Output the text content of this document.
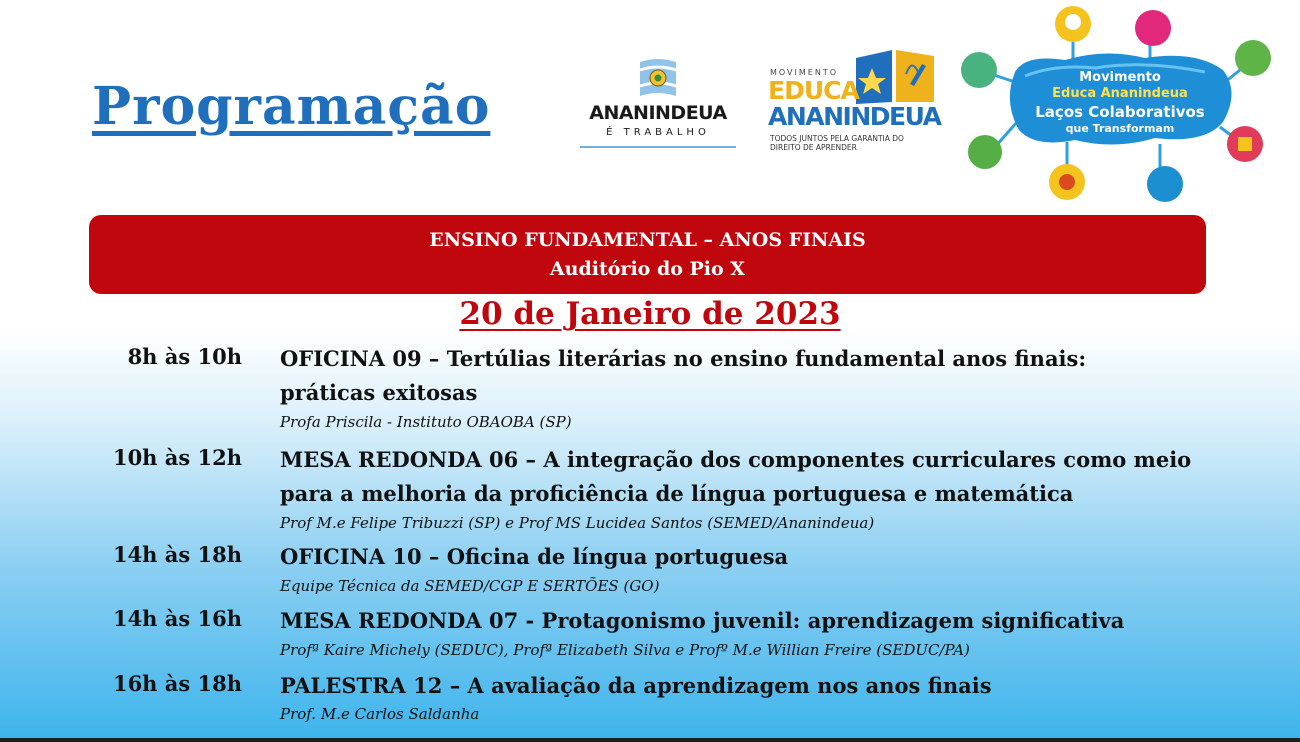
Programação	ANANINDEUA
É TRABALHO
MOVIMENTO
EDUCA
ANANINDEUA
TODOS JUNTOS PELA GARANTIA DO DIREITO DE APRENDER
Movimento
Educa Ananindeua
Laços Colaborativos
que Transformam
ENSINO FUNDAMENTAL – ANOS FINAIS
Auditório do Pio X
20 de Janeiro de 2023
8h às 10h OFICINA 09 – Tertúlias literárias no ensino fundamental anos finais: práticas exitosas
Profa Priscila - Instituto OBAOBA (SP)
10h às 12h MESA REDONDA 06 – A integração dos componentes curriculares como meio para a melhoria da proficiência de língua portuguesa e matemática
Prof M.e Felipe Tribuzzi (SP) e Prof MS Lucidea Santos (SEMED/Ananindeua)
14h às 18h OFICINA 10 – Oficina de língua portuguesa
Equipe Técnica da SEMED/CGP E SERTÕES (GO)
14h às 16h MESA REDONDA 07 - Protagonismo juvenil: aprendizagem significativa
Profª Kaire Michely (SEDUC), Profª Elizabeth Silva e Profº M.e Willian Freire (SEDUC/PA)
16h às 18h PALESTRA 12 – A avaliação da aprendizagem nos anos finais
Prof. M.e Carlos Saldanha
